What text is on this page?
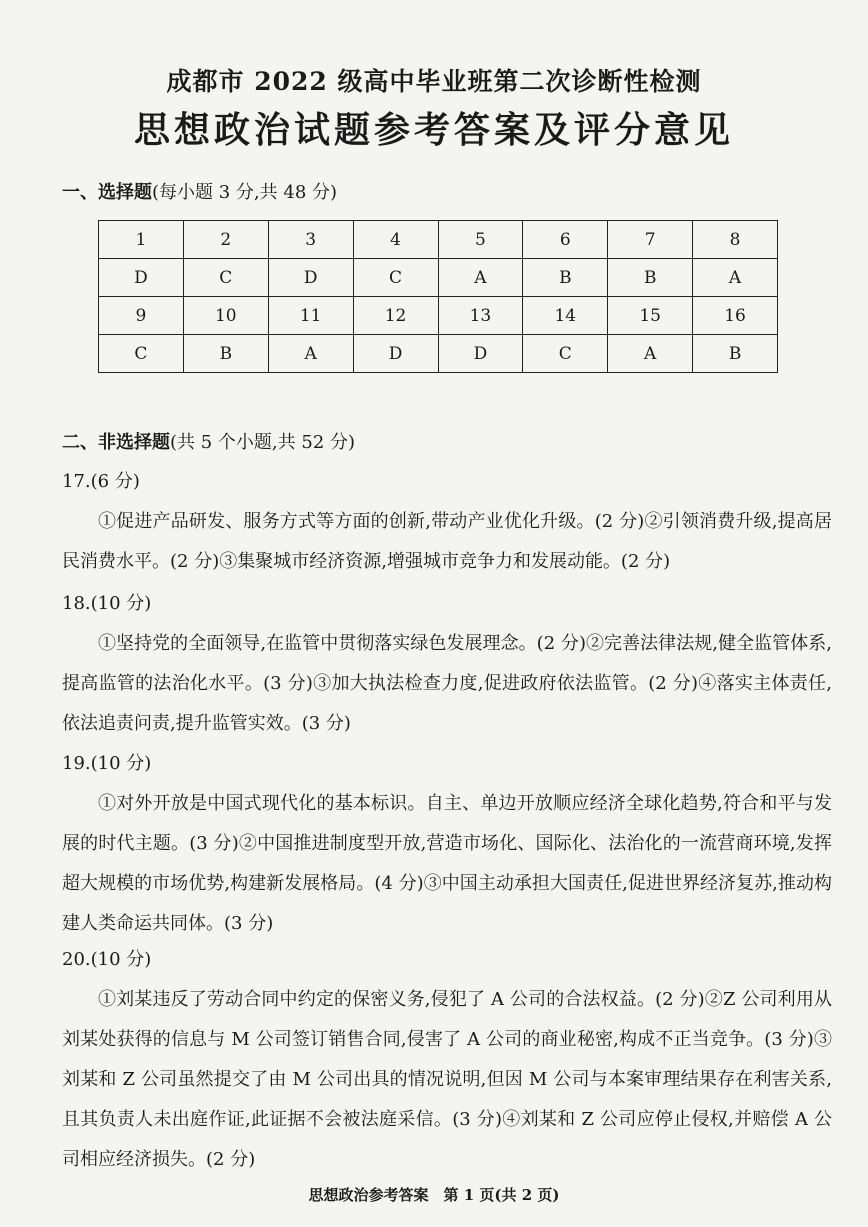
成都市 2022 级高中毕业班第二次诊断性检测
思想政治试题参考答案及评分意见
一、选择题(每小题 3 分,共 48 分)
1	2	3	4	5	6	7	8
D	C	D	C	A	B	B	A
9	10	11	12	13	14	15	16
C	B	A	D	D	C	A	B
二、非选择题(共 5 个小题,共 52 分)
17.(6 分)
①促进产品研发、服务方式等方面的创新,带动产业优化升级。(2 分)②引领消费升级,提高居民消费水平。(2 分)③集聚城市经济资源,增强城市竞争力和发展动能。(2 分)
18.(10 分)
①坚持党的全面领导,在监管中贯彻落实绿色发展理念。(2 分)②完善法律法规,健全监管体系,提高监管的法治化水平。(3 分)③加大执法检查力度,促进政府依法监管。(2 分)④落实主体责任,依法追责问责,提升监管实效。(3 分)
19.(10 分)
①对外开放是中国式现代化的基本标识。自主、单边开放顺应经济全球化趋势,符合和平与发展的时代主题。(3 分)②中国推进制度型开放,营造市场化、国际化、法治化的一流营商环境,发挥超大规模的市场优势,构建新发展格局。(4 分)③中国主动承担大国责任,促进世界经济复苏,推动构建人类命运共同体。(3 分)
20.(10 分)
①刘某违反了劳动合同中约定的保密义务,侵犯了 A 公司的合法权益。(2 分)②Z 公司利用从刘某处获得的信息与 M 公司签订销售合同,侵害了 A 公司的商业秘密,构成不正当竞争。(3 分)③刘某和 Z 公司虽然提交了由 M 公司出具的情况说明,但因 M 公司与本案审理结果存在利害关系,且其负责人未出庭作证,此证据不会被法庭采信。(3 分)④刘某和 Z 公司应停止侵权,并赔偿 A 公司相应经济损失。(2 分)
思想政治参考答案　第 1 页(共 2 页)
